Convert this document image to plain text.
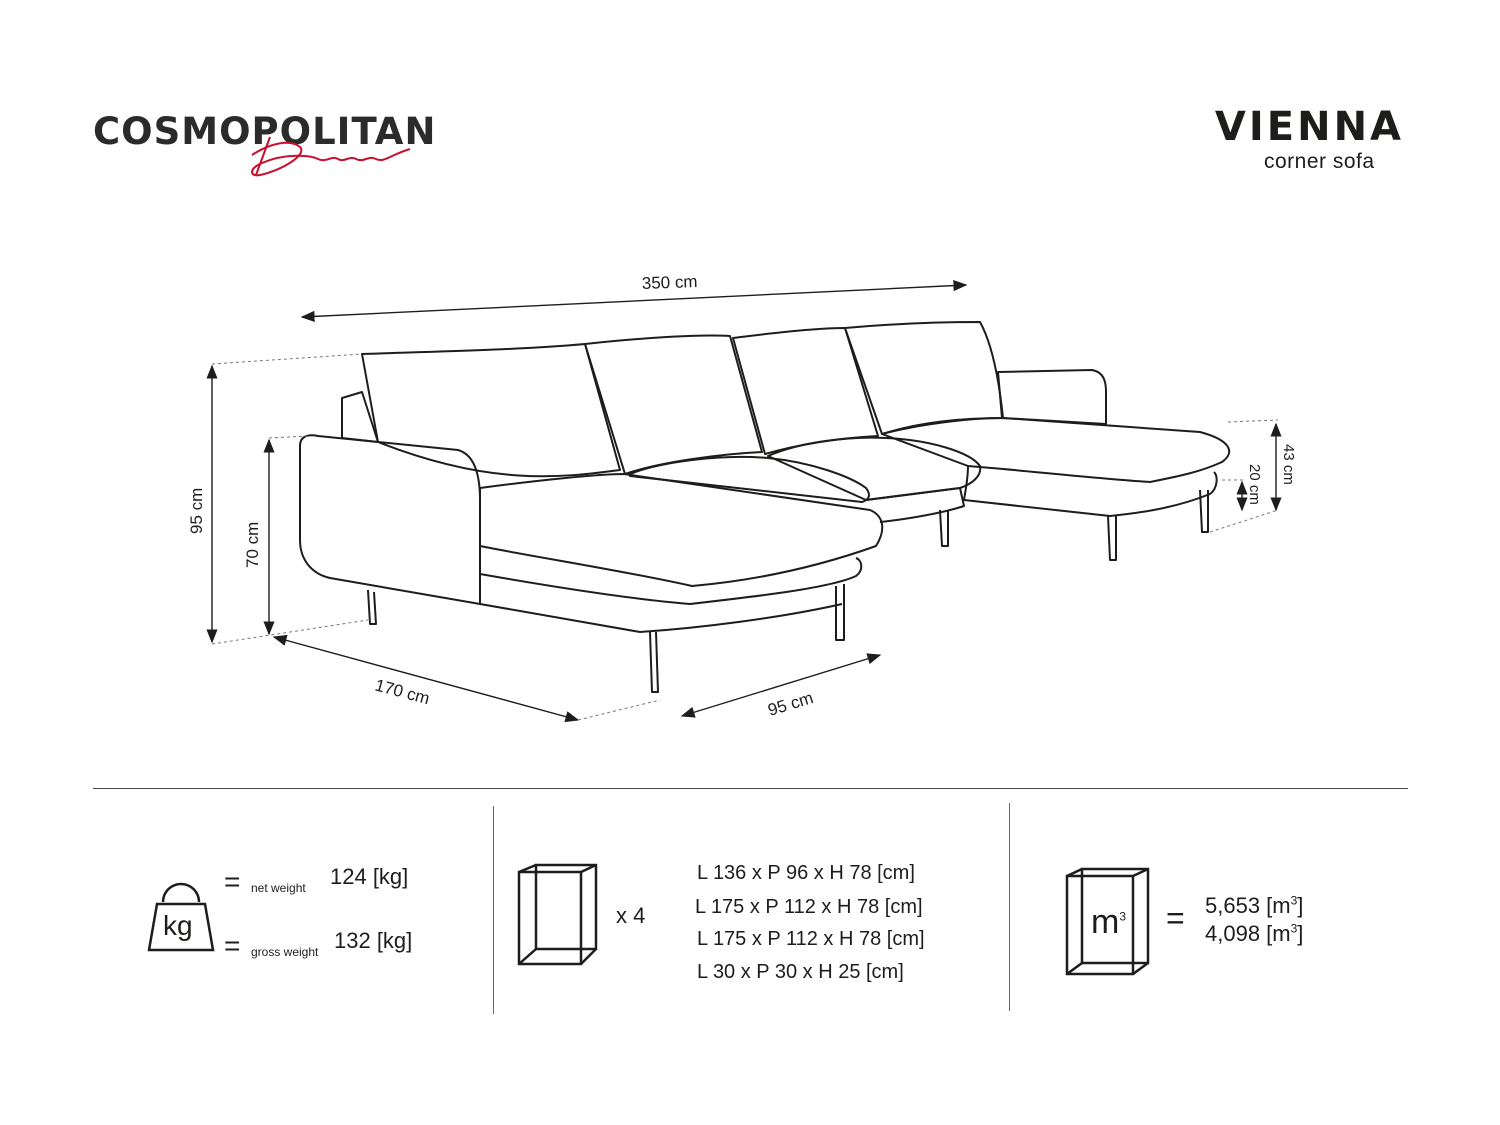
COSMOPOLITAN	VIENNA
corner sofa
350 cm
95 cm
70 cm
170 cm	95 cm
43 cm
20 cm
kg
= net weight 124 [kg]
= gross weight 132 [kg]
x 4
L 136 x P 96 x H 78 [cm]
L 175 x P 112 x H 78 [cm]
L 175 x P 112 x H 78 [cm]
L 30 x P 30 x H 25 [cm]
$m^3 = 5,653$ $[m^3]$
4,098 $[m^3]$
